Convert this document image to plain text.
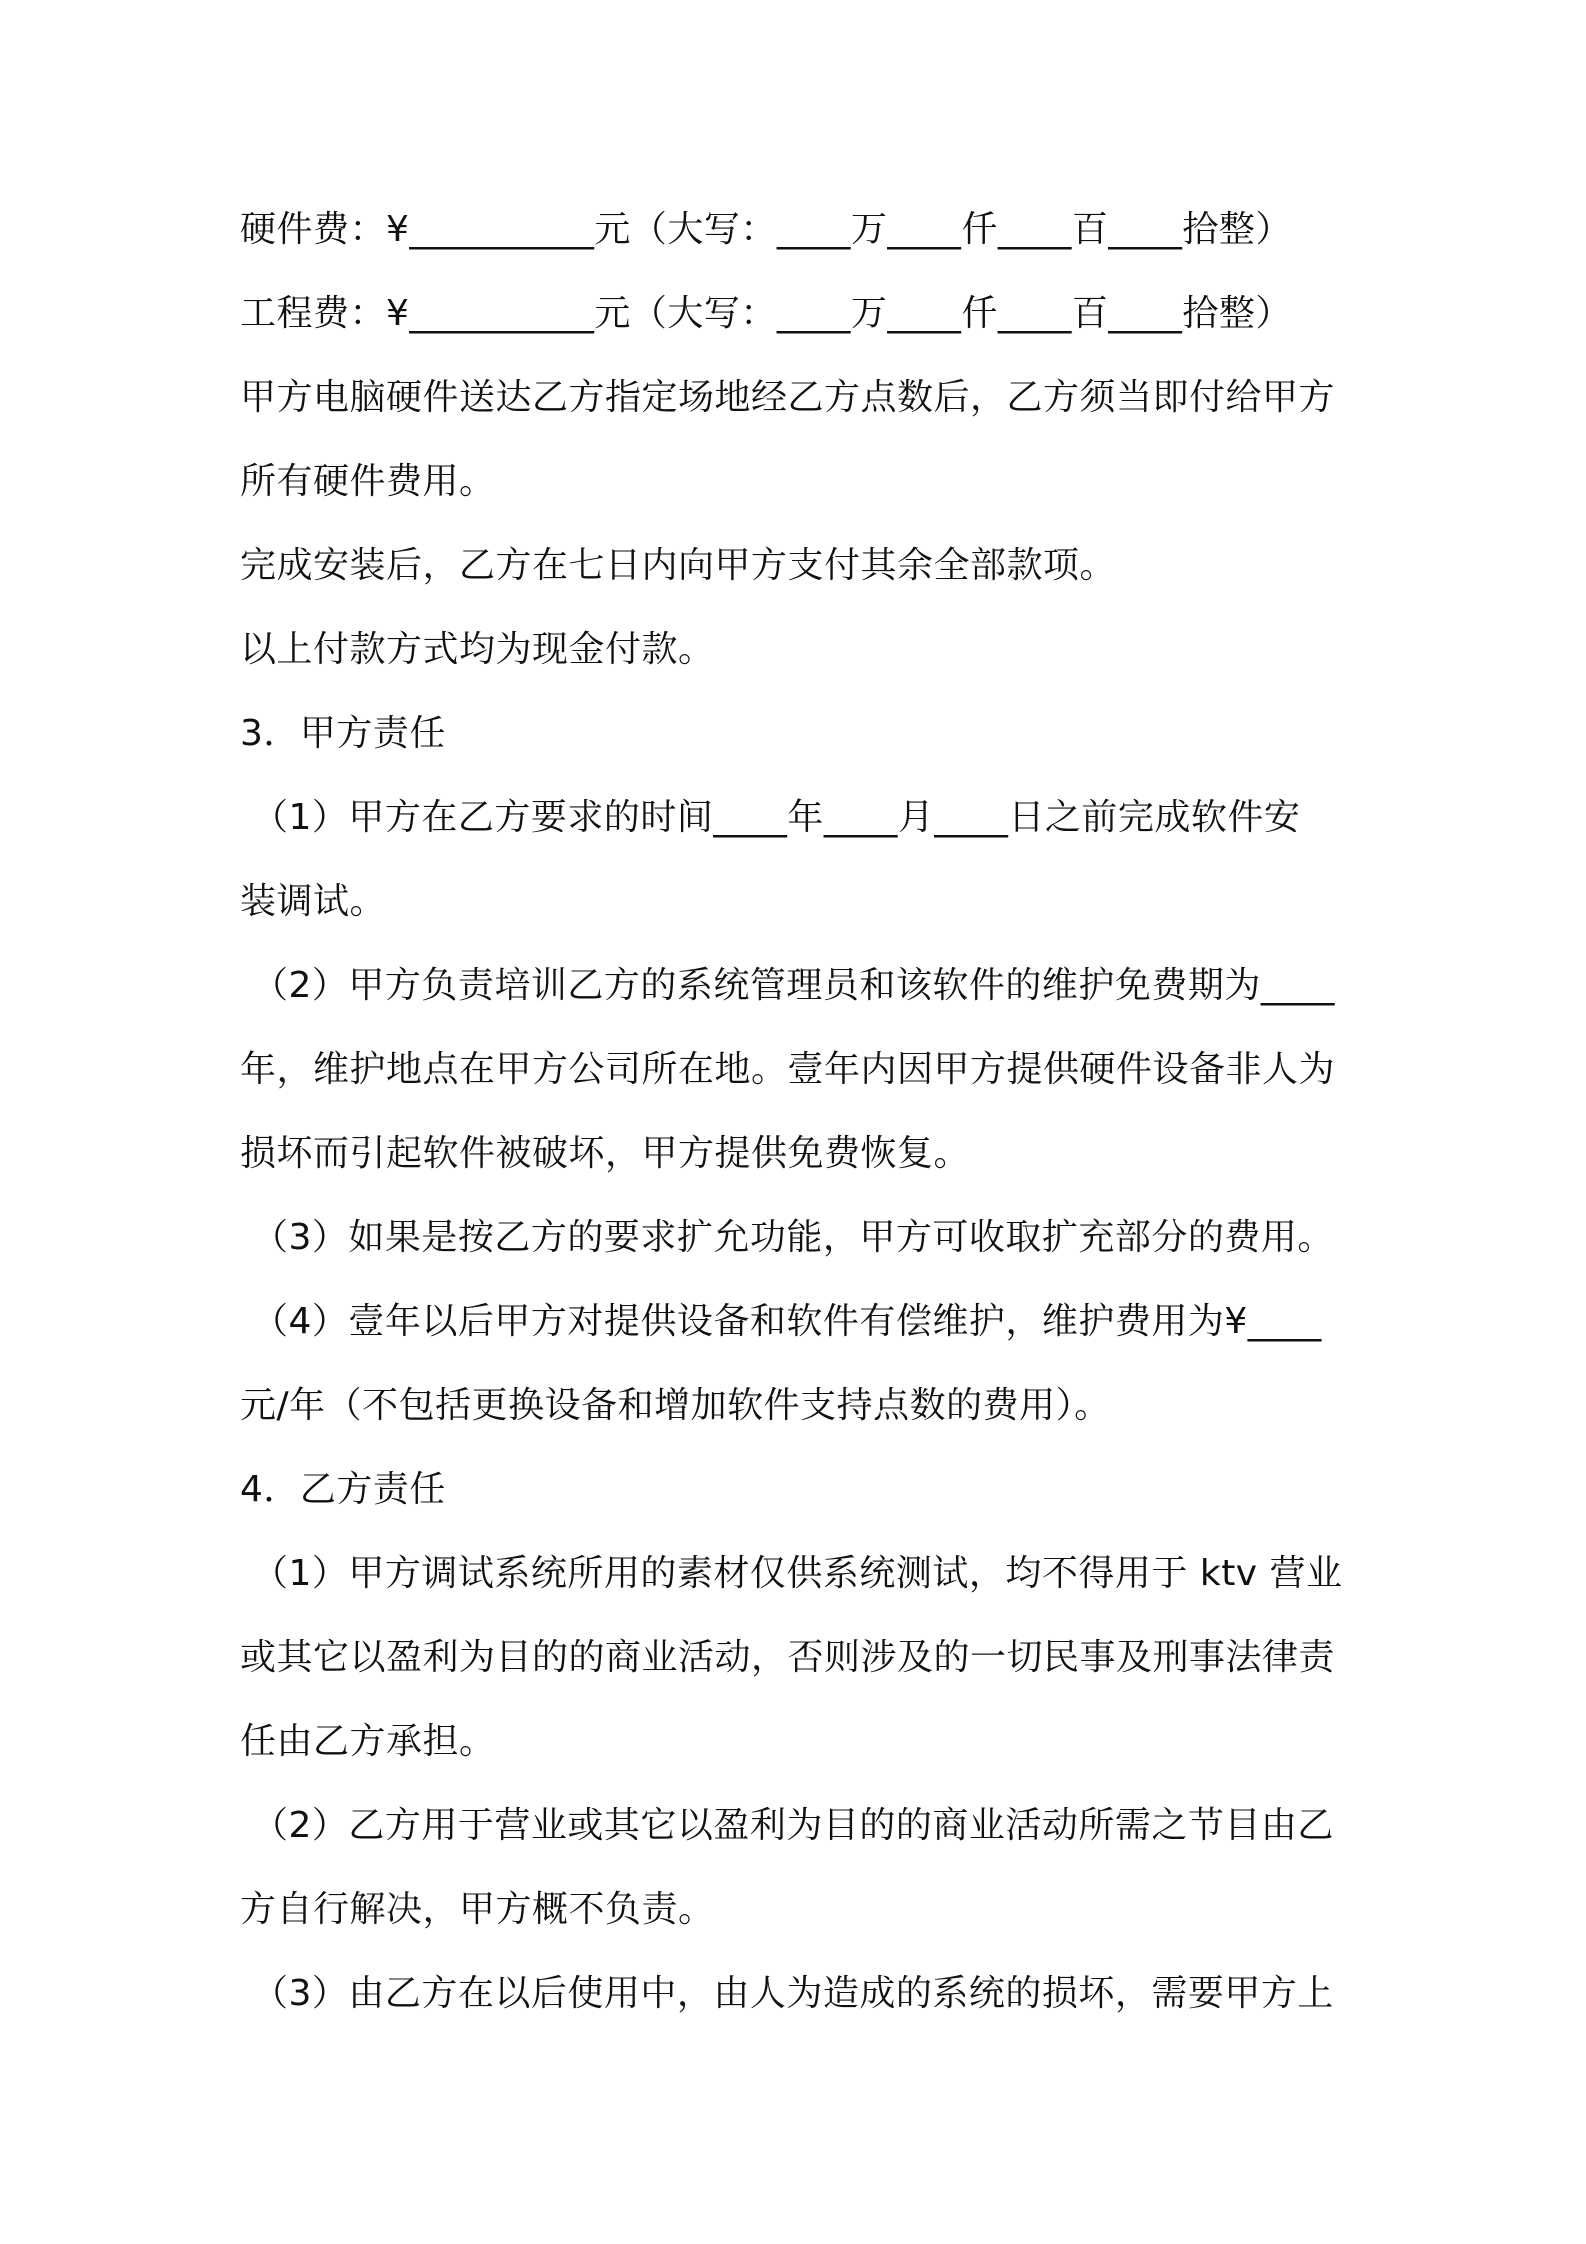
硬件费：¥__________元（大写：____万____仟____百____拾整）
工程费：¥__________元（大写：____万____仟____百____拾整）
甲方电脑硬件送达乙方指定场地经乙方点数后，乙方须当即付给甲方
所有硬件费用。
完成安装后，乙方在七日内向甲方支付其余全部款项。
以上付款方式均为现金付款。
3．甲方责任
（1）甲方在乙方要求的时间____年____月____日之前完成软件安
装调试。
（2）甲方负责培训乙方的系统管理员和该软件的维护免费期为____
年，维护地点在甲方公司所在地。壹年内因甲方提供硬件设备非人为
损坏而引起软件被破坏，甲方提供免费恢复。
（3）如果是按乙方的要求扩允功能，甲方可收取扩充部分的费用。
（4）壹年以后甲方对提供设备和软件有偿维护，维护费用为¥____
元/年（不包括更换设备和增加软件支持点数的费用）。
4．乙方责任
（1）甲方调试系统所用的素材仅供系统测试，均不得用于 ktv 营业
或其它以盈利为目的的商业活动，否则涉及的一切民事及刑事法律责
任由乙方承担。
（2）乙方用于营业或其它以盈利为目的的商业活动所需之节目由乙
方自行解决，甲方概不负责。
（3）由乙方在以后使用中，由人为造成的系统的损坏，需要甲方上
